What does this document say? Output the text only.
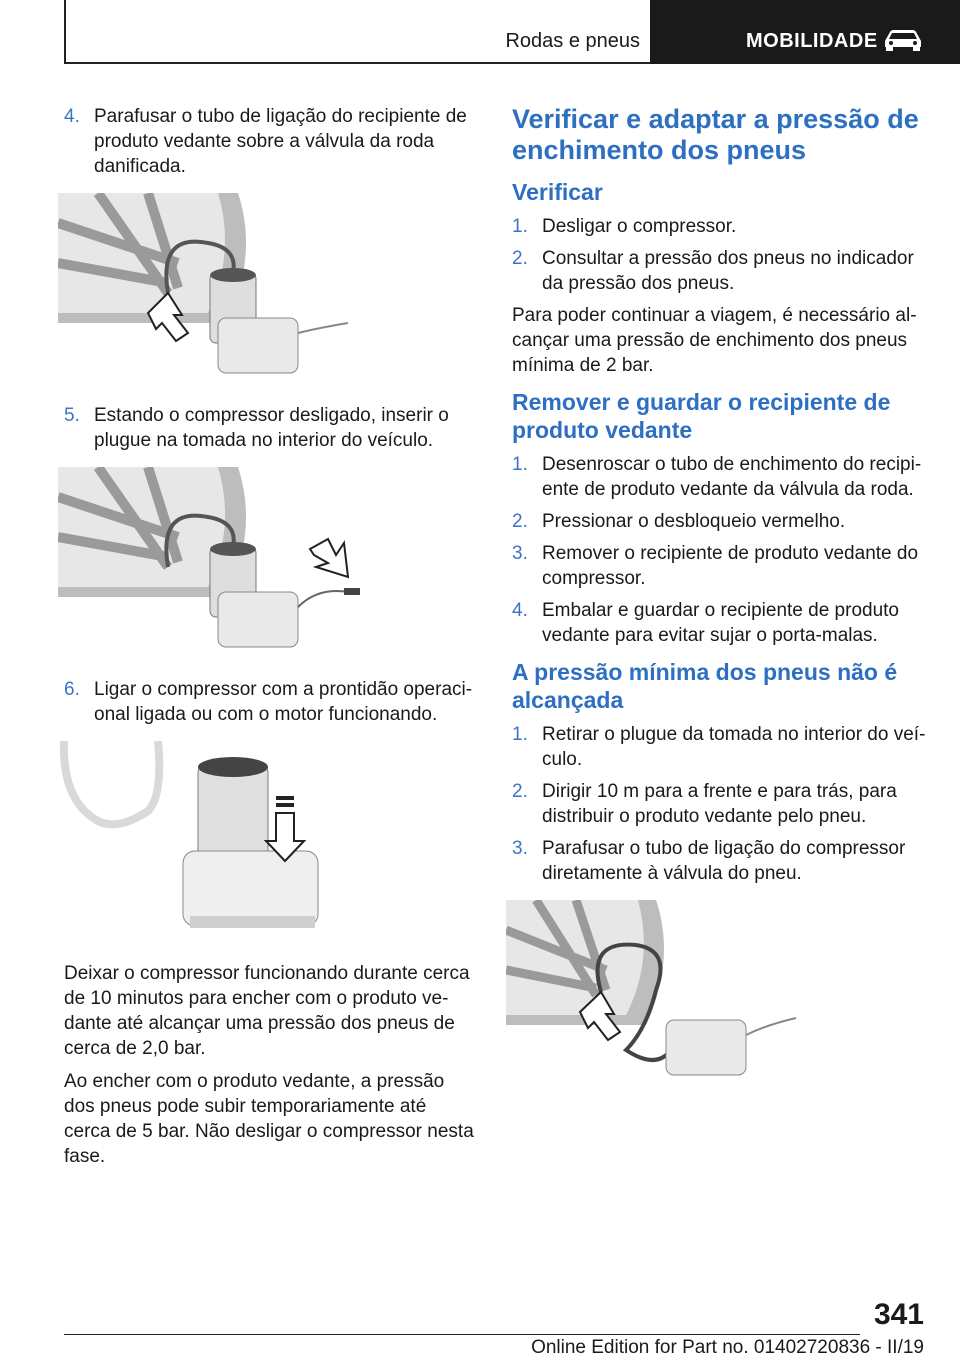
Rodas e pneus	MOBILIDADE
4. Parafusar o tubo de ligação do recipiente de produto vedante sobre a válvula da roda danificada.
5. Estando o compressor desligado, inserir o plugue na tomada no interior do veículo.
6. Ligar o compressor com a prontidão operacional ligada ou com o motor funcionando.

Deixar o compressor funcionando durante cerca de 10 minutos para encher com o produto vedante até alcançar uma pressão dos pneus de cerca de 2,0 bar.

Ao encher com o produto vedante, a pressão dos pneus pode subir temporariamente até cerca de 5 bar. Não desligar o compressor nesta fase.

Verificar e adaptar a pressão de enchimento dos pneus
Verificar
1. Desligar o compressor.
2. Consultar a pressão dos pneus no indicador da pressão dos pneus.

Para poder continuar a viagem, é necessário alcançar uma pressão de enchimento dos pneus mínima de 2 bar.

Remover e guardar o recipiente de produto vedante
1. Desenroscar o tubo de enchimento do recipiente de produto vedante da válvula da roda.
2. Pressionar o desbloqueio vermelho.
3. Remover o recipiente de produto vedante do compressor.
4. Embalar e guardar o recipiente de produto vedante para evitar sujar o porta-malas.
A pressão mínima dos pneus não é alcançada
1. Retirar o plugue da tomada no interior do veículo.
2. Dirigir 10 m para a frente e para trás, para distribuir o produto vedante pelo pneu.
3. Parafusar o tubo de ligação do compressor diretamente à válvula do pneu.
341
Online Edition for Part no. 01402720836 - II/19
